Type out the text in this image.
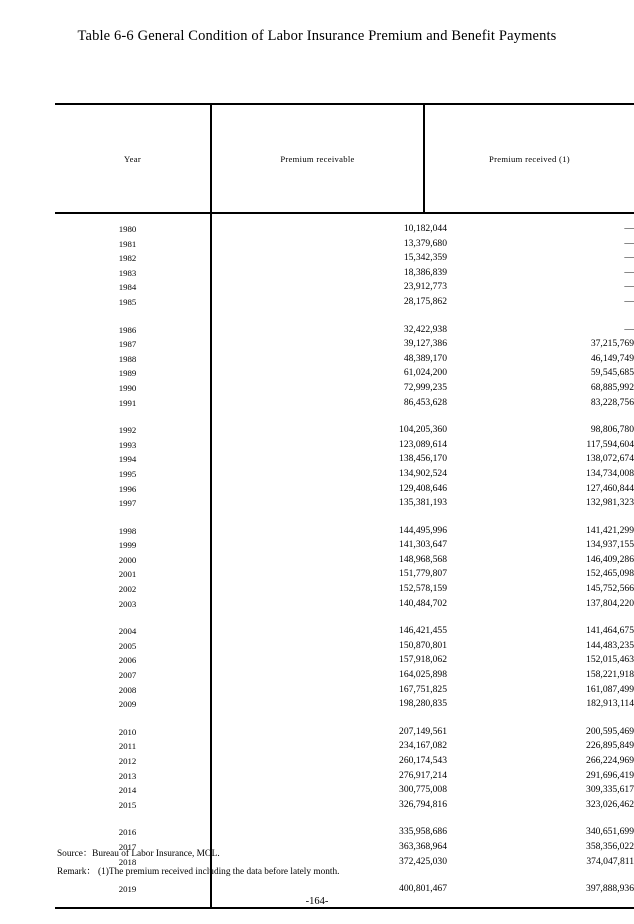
Table 6-6 General Condition of Labor Insurance Premium and Benefit Payments
Year	Premium receivable	Premium received (1)
1980	10,182,044	—
1981	13,379,680	—
1982	15,342,359	—
1983	18,386,839	—
1984	23,912,773	—
1985	28,175,862	—
1986	32,422,938	—
1987	39,127,386	37,215,769
1988	48,389,170	46,149,749
1989	61,024,200	59,545,685
1990	72,999,235	68,885,992
1991	86,453,628	83,228,756
1992	104,205,360	98,806,780
1993	123,089,614	117,594,604
1994	138,456,170	138,072,674
1995	134,902,524	134,734,008
1996	129,408,646	127,460,844
1997	135,381,193	132,981,323
1998	144,495,996	141,421,299
1999	141,303,647	134,937,155
2000	148,968,568	146,409,286
2001	151,779,807	152,465,098
2002	152,578,159	145,752,566
2003	140,484,702	137,804,220
2004	146,421,455	141,464,675
2005	150,870,801	144,483,235
2006	157,918,062	152,015,463
2007	164,025,898	158,221,918
2008	167,751,825	161,087,499
2009	198,280,835	182,913,114
2010	207,149,561	200,595,469
2011	234,167,082	226,895,849
2012	260,174,543	266,224,969
2013	276,917,214	291,696,419
2014	300,775,008	309,335,617
2015	326,794,816	323,026,462
2016	335,958,686	340,651,699
2017	363,368,964	358,356,022
2018	372,425,030	374,047,811
2019	400,801,467	397,888,936
Source：Bureau of Labor Insurance, MOL.
Remark： (1)The premium received including the data before lately month.
-164-
